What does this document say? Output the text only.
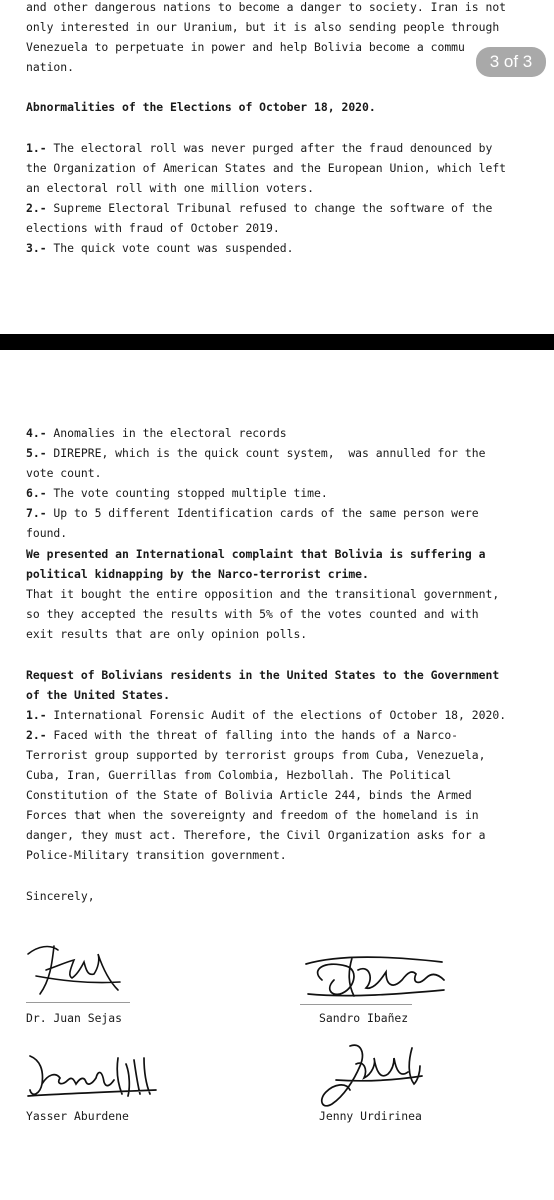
and other dangerous nations to become a danger to society. Iran is not
only interested in our Uranium, but it is also sending people through
Venezuela to perpetuate in power and help Bolivia become a commu
nation.
Abnormalities of the Elections of October 18, 2020.
1.- The electoral roll was never purged after the fraud denounced by
the Organization of American States and the European Union, which left
an electoral roll with one million voters.
2.- Supreme Electoral Tribunal refused to change the software of the
elections with fraud of October 2019.
3.- The quick vote count was suspended.
3 of 3
4.- Anomalies in the electoral records
5.- DIREPRE, which is the quick count system,  was annulled for the
vote count.
6.- The vote counting stopped multiple time.
7.- Up to 5 different Identification cards of the same person were
found.
We presented an International complaint that Bolivia is suffering a
political kidnapping by the Narco-terrorist crime.
That it bought the entire opposition and the transitional government,
so they accepted the results with 5% of the votes counted and with
exit results that are only opinion polls.
Request of Bolivians residents in the United States to the Government
of the United States.
1.- International Forensic Audit of the elections of October 18, 2020.
2.- Faced with the threat of falling into the hands of a Narco-
Terrorist group supported by terrorist groups from Cuba, Venezuela,
Cuba, Iran, Guerrillas from Colombia, Hezbollah. The Political
Constitution of the State of Bolivia Article 244, binds the Armed
Forces that when the sovereignty and freedom of the homeland is in
danger, they must act. Therefore, the Civil Organization asks for a
Police-Military transition government.
Sincerely,
Dr. Juan Sejas	Sandro Ibañez
Yasser Aburdene	Jenny Urdirinea
